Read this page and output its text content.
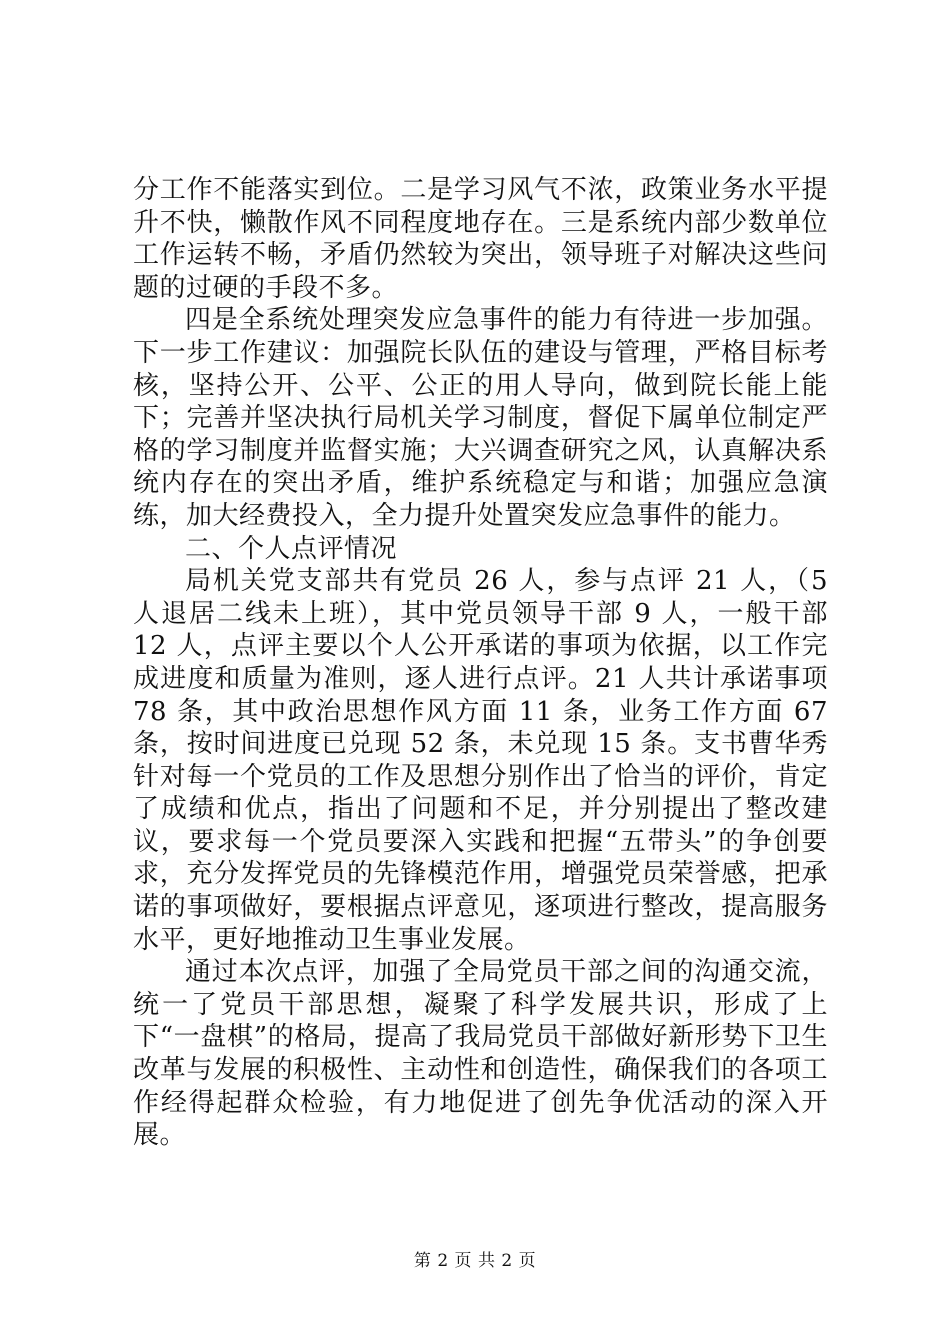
分工作不能落实到位。二是学习风气不浓，政策业务水平提升不快，懒散作风不同程度地存在。三是系统内部少数单位工作运转不畅，矛盾仍然较为突出，领导班子对解决这些问题的过硬的手段不多。

四是全系统处理突发应急事件的能力有待进一步加强。下一步工作建议：加强院长队伍的建设与管理，严格目标考核，坚持公开、公平、公正的用人导向，做到院长能上能下；完善并坚决执行局机关学习制度，督促下属单位制定严格的学习制度并监督实施；大兴调查研究之风，认真解决系统内存在的突出矛盾，维护系统稳定与和谐；加强应急演练，加大经费投入，全力提升处置突发应急事件的能力。

二、个人点评情况

局机关党支部共有党员 26 人，参与点评 21 人，（5 人退居二线未上班），其中党员领导干部 9 人，一般干部 12 人，点评主要以个人公开承诺的事项为依据，以工作完成进度和质量为准则，逐人进行点评。21 人共计承诺事项 78 条，其中政治思想作风方面 11 条，业务工作方面 67 条，按时间进度已兑现 52 条，未兑现 15 条。支书曹华秀针对每一个党员的工作及思想分别作出了恰当的评价，肯定了成绩和优点，指出了问题和不足，并分别提出了整改建议，要求每一个党员要深入实践和把握“五带头”的争创要求，充分发挥党员的先锋模范作用，增强党员荣誉感，把承诺的事项做好，要根据点评意见，逐项进行整改，提高服务水平，更好地推动卫生事业发展。

通过本次点评，加强了全局党员干部之间的沟通交流，统一了党员干部思想，凝聚了科学发展共识，形成了上下“一盘棋”的格局，提高了我局党员干部做好新形势下卫生改革与发展的积极性、主动性和创造性，确保我们的各项工作经得起群众检验，有力地促进了创先争优活动的深入开展。

第 2 页 共 2 页
